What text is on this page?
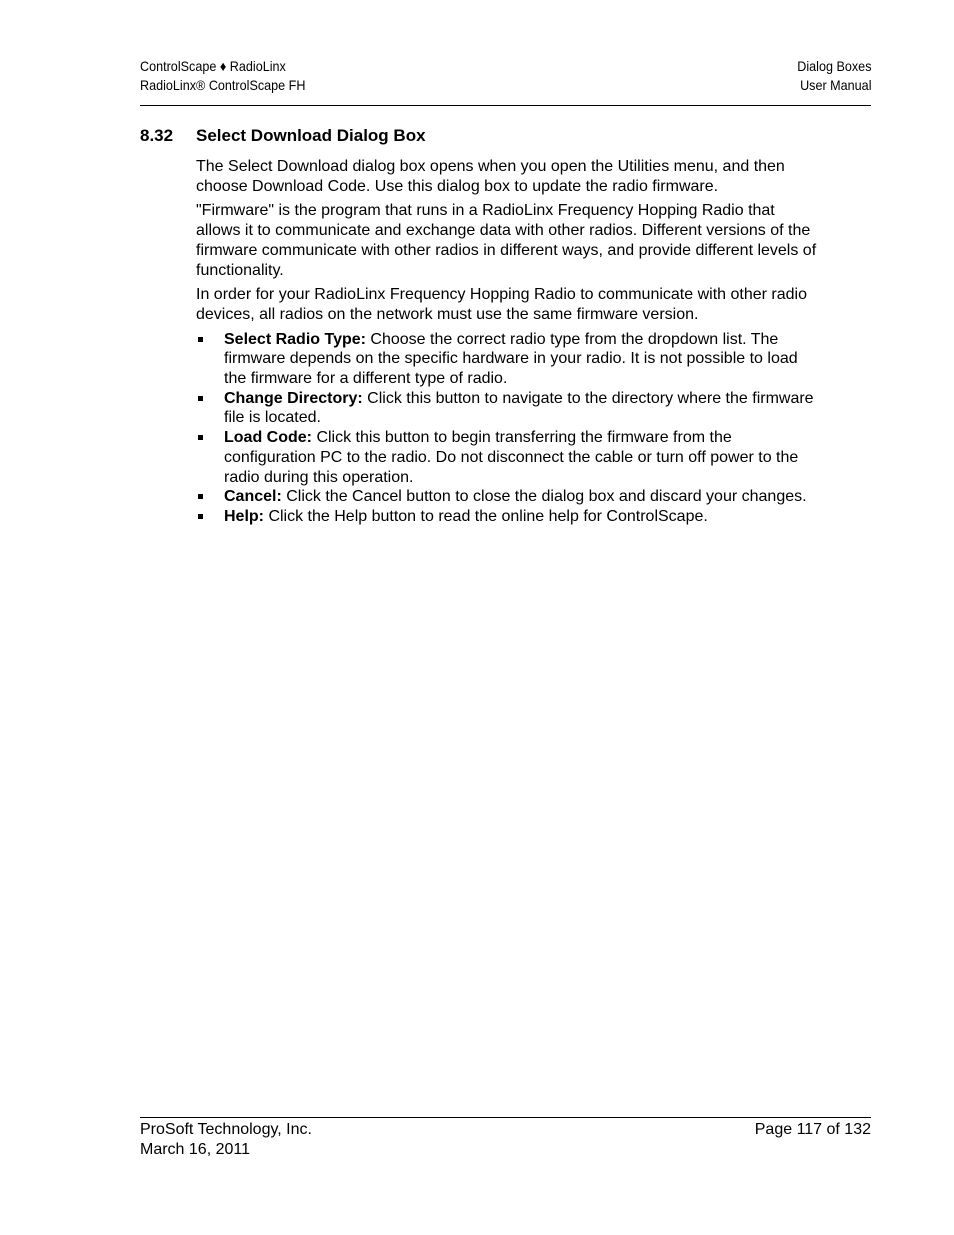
ControlScape ♦ RadioLinx
RadioLinx® ControlScape FH
Dialog Boxes
User Manual
8.32 Select Download Dialog Box

The Select Download dialog box opens when you open the Utilities menu, and then choose Download Code. Use this dialog box to update the radio firmware.

"Firmware" is the program that runs in a RadioLinx Frequency Hopping Radio that allows it to communicate and exchange data with other radios. Different versions of the firmware communicate with other radios in different ways, and provide different levels of functionality.

In order for your RadioLinx Frequency Hopping Radio to communicate with other radio devices, all radios on the network must use the same firmware version.

Select Radio Type: Choose the correct radio type from the dropdown list. The firmware depends on the specific hardware in your radio. It is not possible to load the firmware for a different type of radio.
Change Directory: Click this button to navigate to the directory where the firmware file is located.
Load Code: Click this button to begin transferring the firmware from the configuration PC to the radio. Do not disconnect the cable or turn off power to the radio during this operation.
Cancel: Click the Cancel button to close the dialog box and discard your changes.
Help: Click the Help button to read the online help for ControlScape.
ProSoft Technology, Inc.
March 16, 2011
Page 117 of 132
